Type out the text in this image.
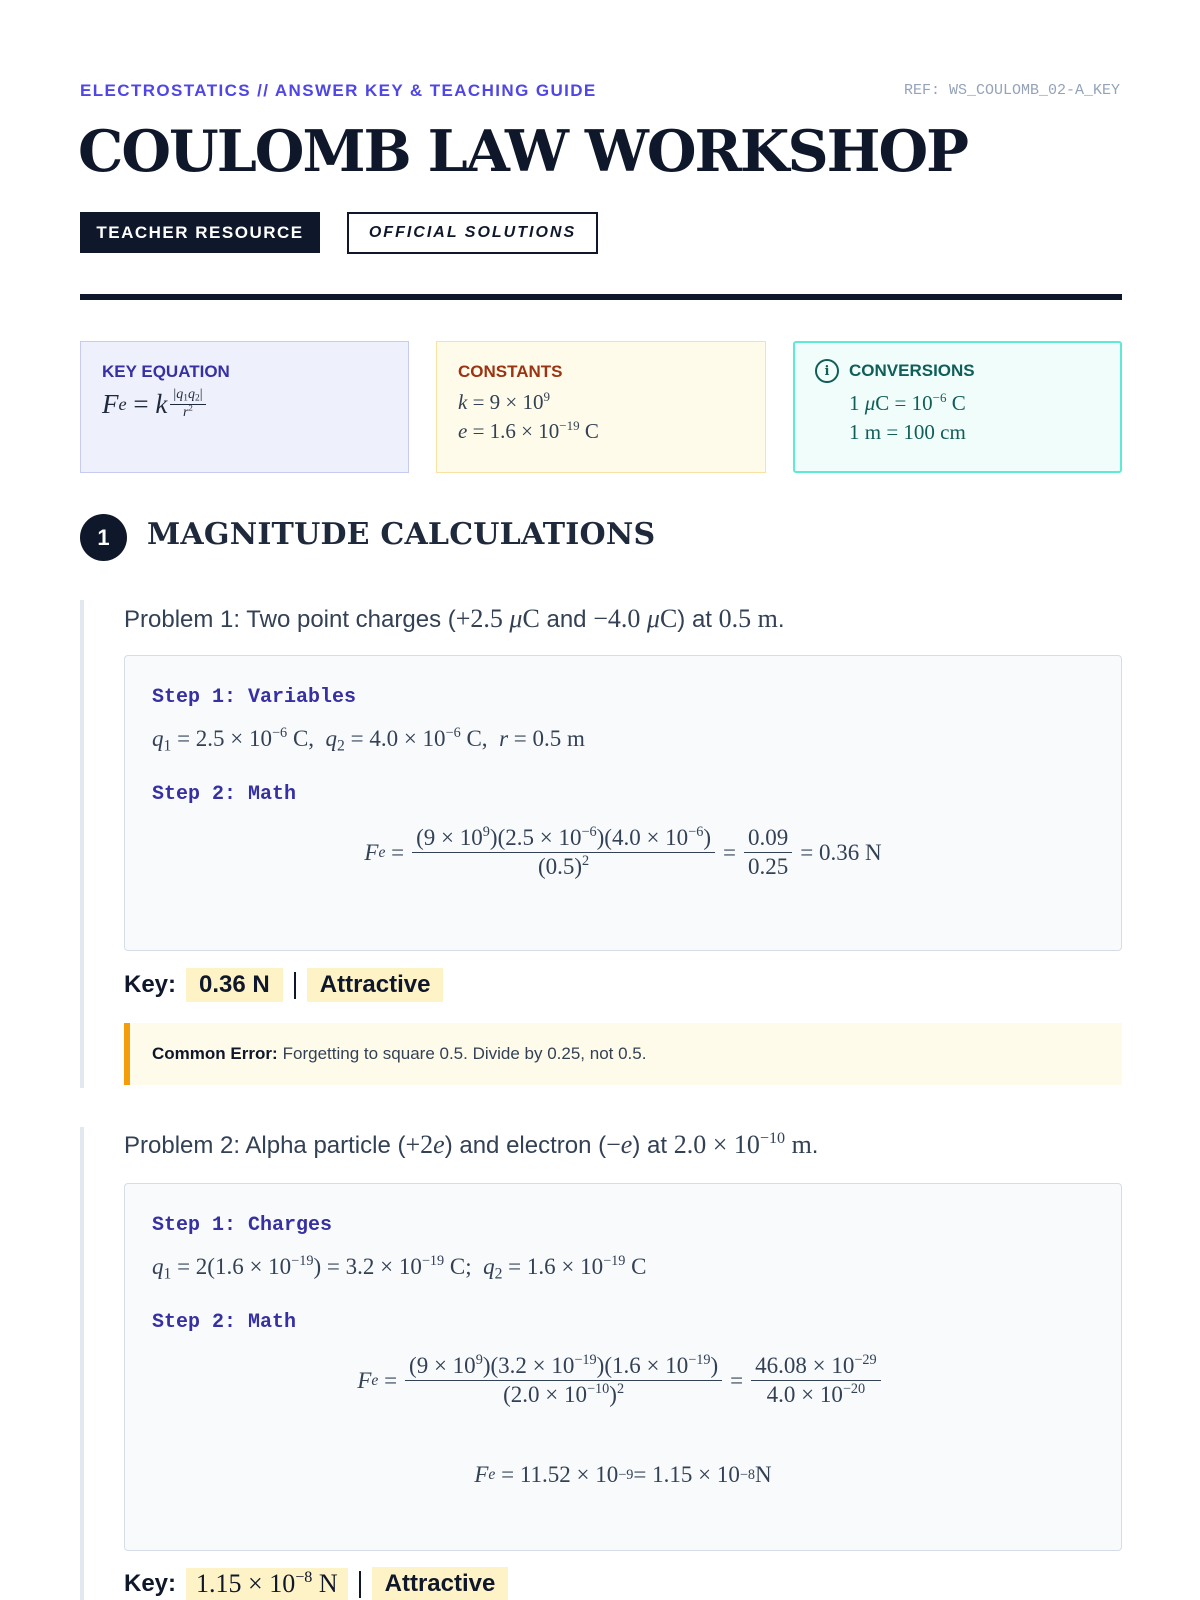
ELECTROSTATICS // ANSWER KEY & TEACHING GUIDE	REF: WS_COULOMB_02-A_KEY
COULOMB LAW WORKSHOP
TEACHER RESOURCE	OFFICIAL SOLUTIONS
KEY EQUATION
F e = k $\frac{|q_1q_2|}{r^2}$
CONSTANTS
$k = 9 \times 10^9$
$e = 1.6 \times 10^{-19}$ C
i	CONVERSIONS
1 $\mu C = 10^{-6}$ C
1 m = 100 cm
1	MAGNITUDE CALCULATIONS
Problem 1: Two point charges (+2.5 μC and −4.0 μC) at 0.5 m.
Step 1: Variables
$q_1 = 2.5 \times 10^{-6}$ C,  $q_2 = 4.0 \times 10^{-6}$ C,  r = 0.5 m
Step 2: Math
F $e = \frac{(9 \times 10^9)(2.5 \times 10^{-6})(4.0 \times 10^{-6})}{(0.5)^2} = \frac{0.09}{0.25} = 0.36$ N
Key: 0.36 N	Attractive
Common Error: Forgetting to square 0.5. Divide by 0.25, not 0.5.
Problem 2: Alpha particle (+2e) and electron (−e) at $2.0 \times 10^{-10}$ m.
Step 1: Charges
$q_1 = 2(1.6 \times 10^{-19}) = 3.2 \times 10^{-19}$ C;  $q_2 = 1.6 \times 10^{-19}$ C
Step 2: Math
F $e = \frac{(9 \times 10^9)(3.2 \times 10^{-19})(1.6 \times 10^{-19})}{(2.0 \times 10^{-10})^2} = \frac{46.08 \times 10^{-29}}{4.0 \times 10^{-20}}$
F e = 11.52 × 10 −9 = 1.15 × 10 −8 N
Key: $1.15 \times 10^{-8}$ N	Attractive
